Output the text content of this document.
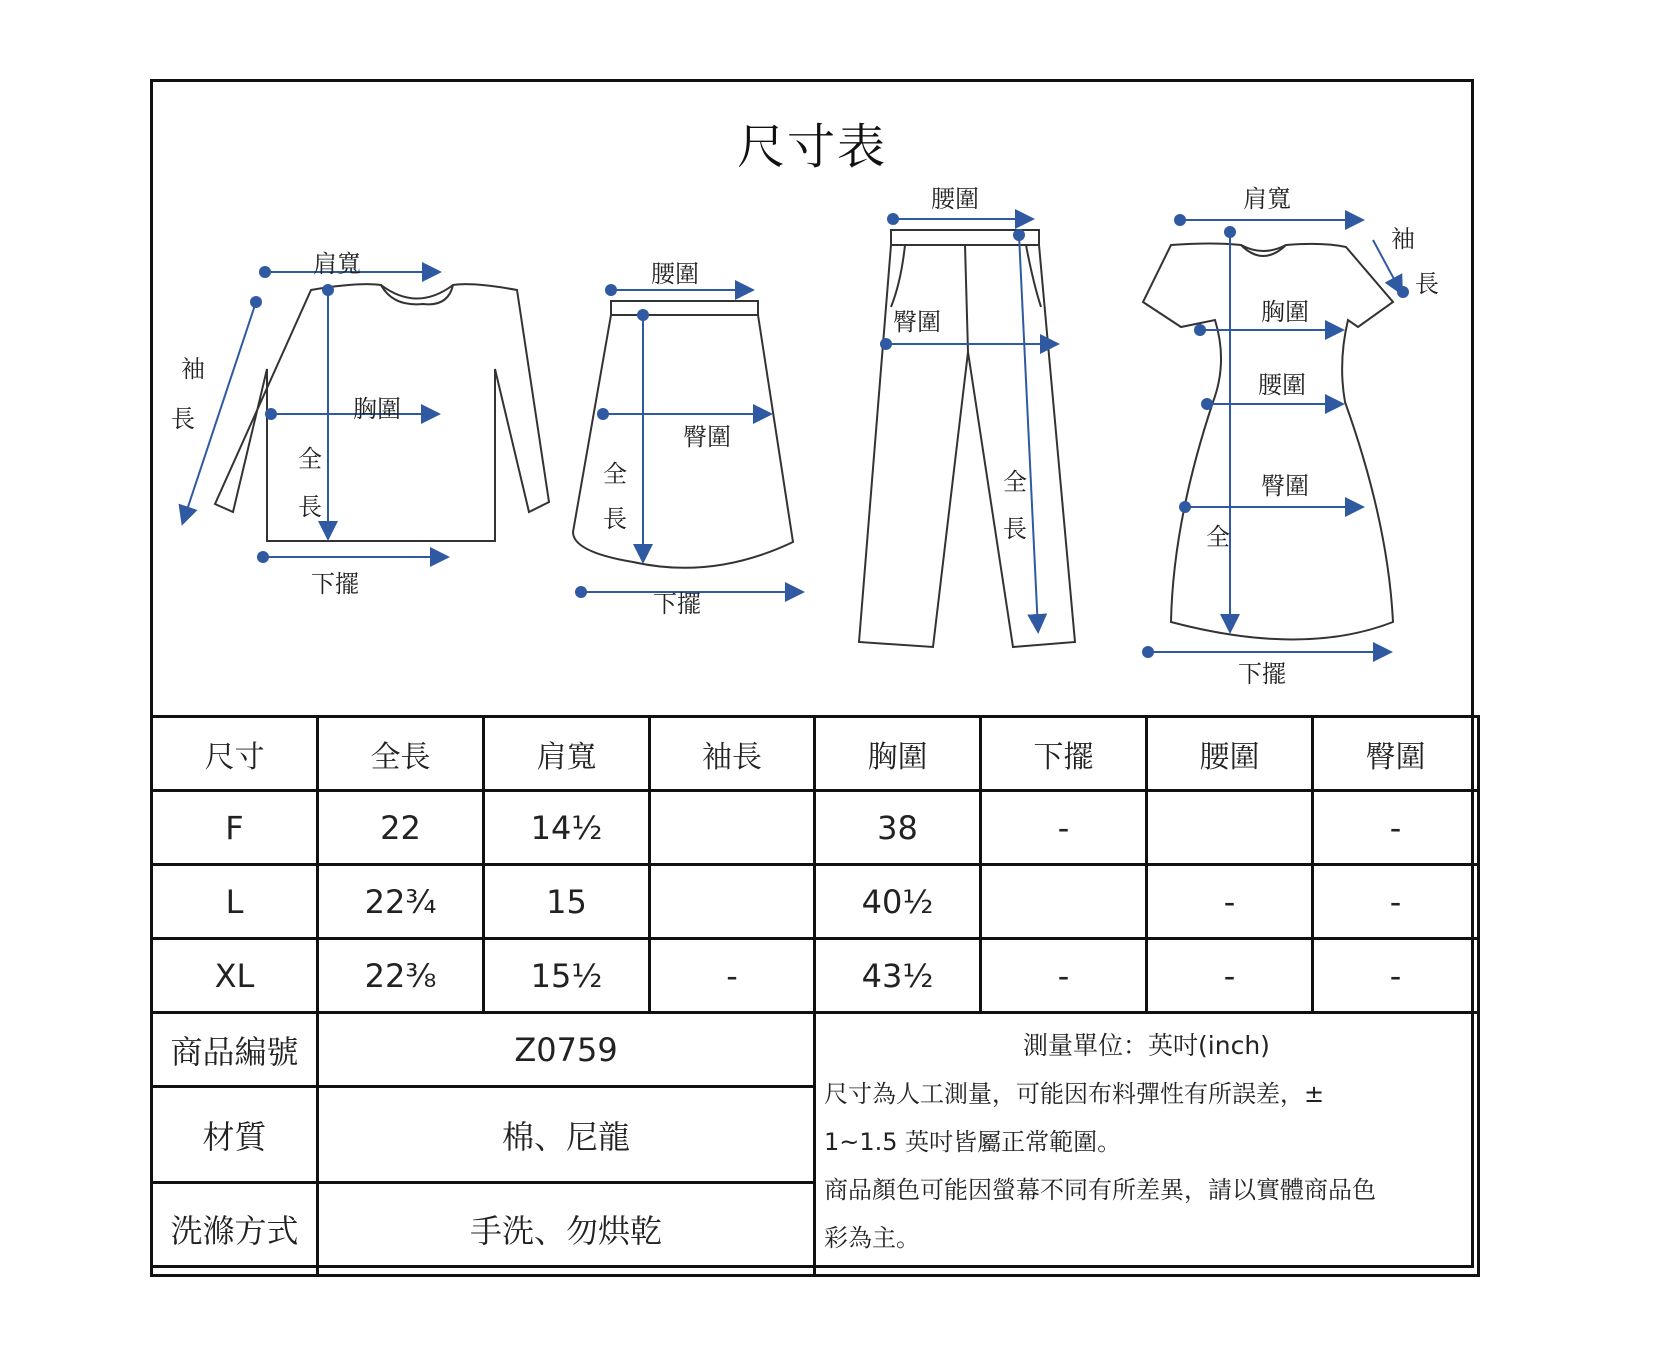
尺寸表
肩寬
袖
長	胸圍
全
長
下擺
腰圍
臀圍
全
長
下擺
腰圍
臀圍
全
長
肩寬
袖
長
胸圍
腰圍
臀圍
全
下擺
尺寸	全長	肩寬	袖長	胸圍	下擺	腰圍	臀圍
F	22	14½		38	-		-
L	22¾	15		40½		-	-
XL	22⅜	15½	-	43½	-	-	-
商品編號	Z0759			測量單位：英吋(inch)
尺寸為人工測量，可能因布料彈性有所誤差，±
1~1.5 英吋皆屬正常範圍。
商品顏色可能因螢幕不同有所差異，請以實體商品色
彩為主。			

材質	棉、尼龍						
洗滌方式	手洗、勿烘乾						
